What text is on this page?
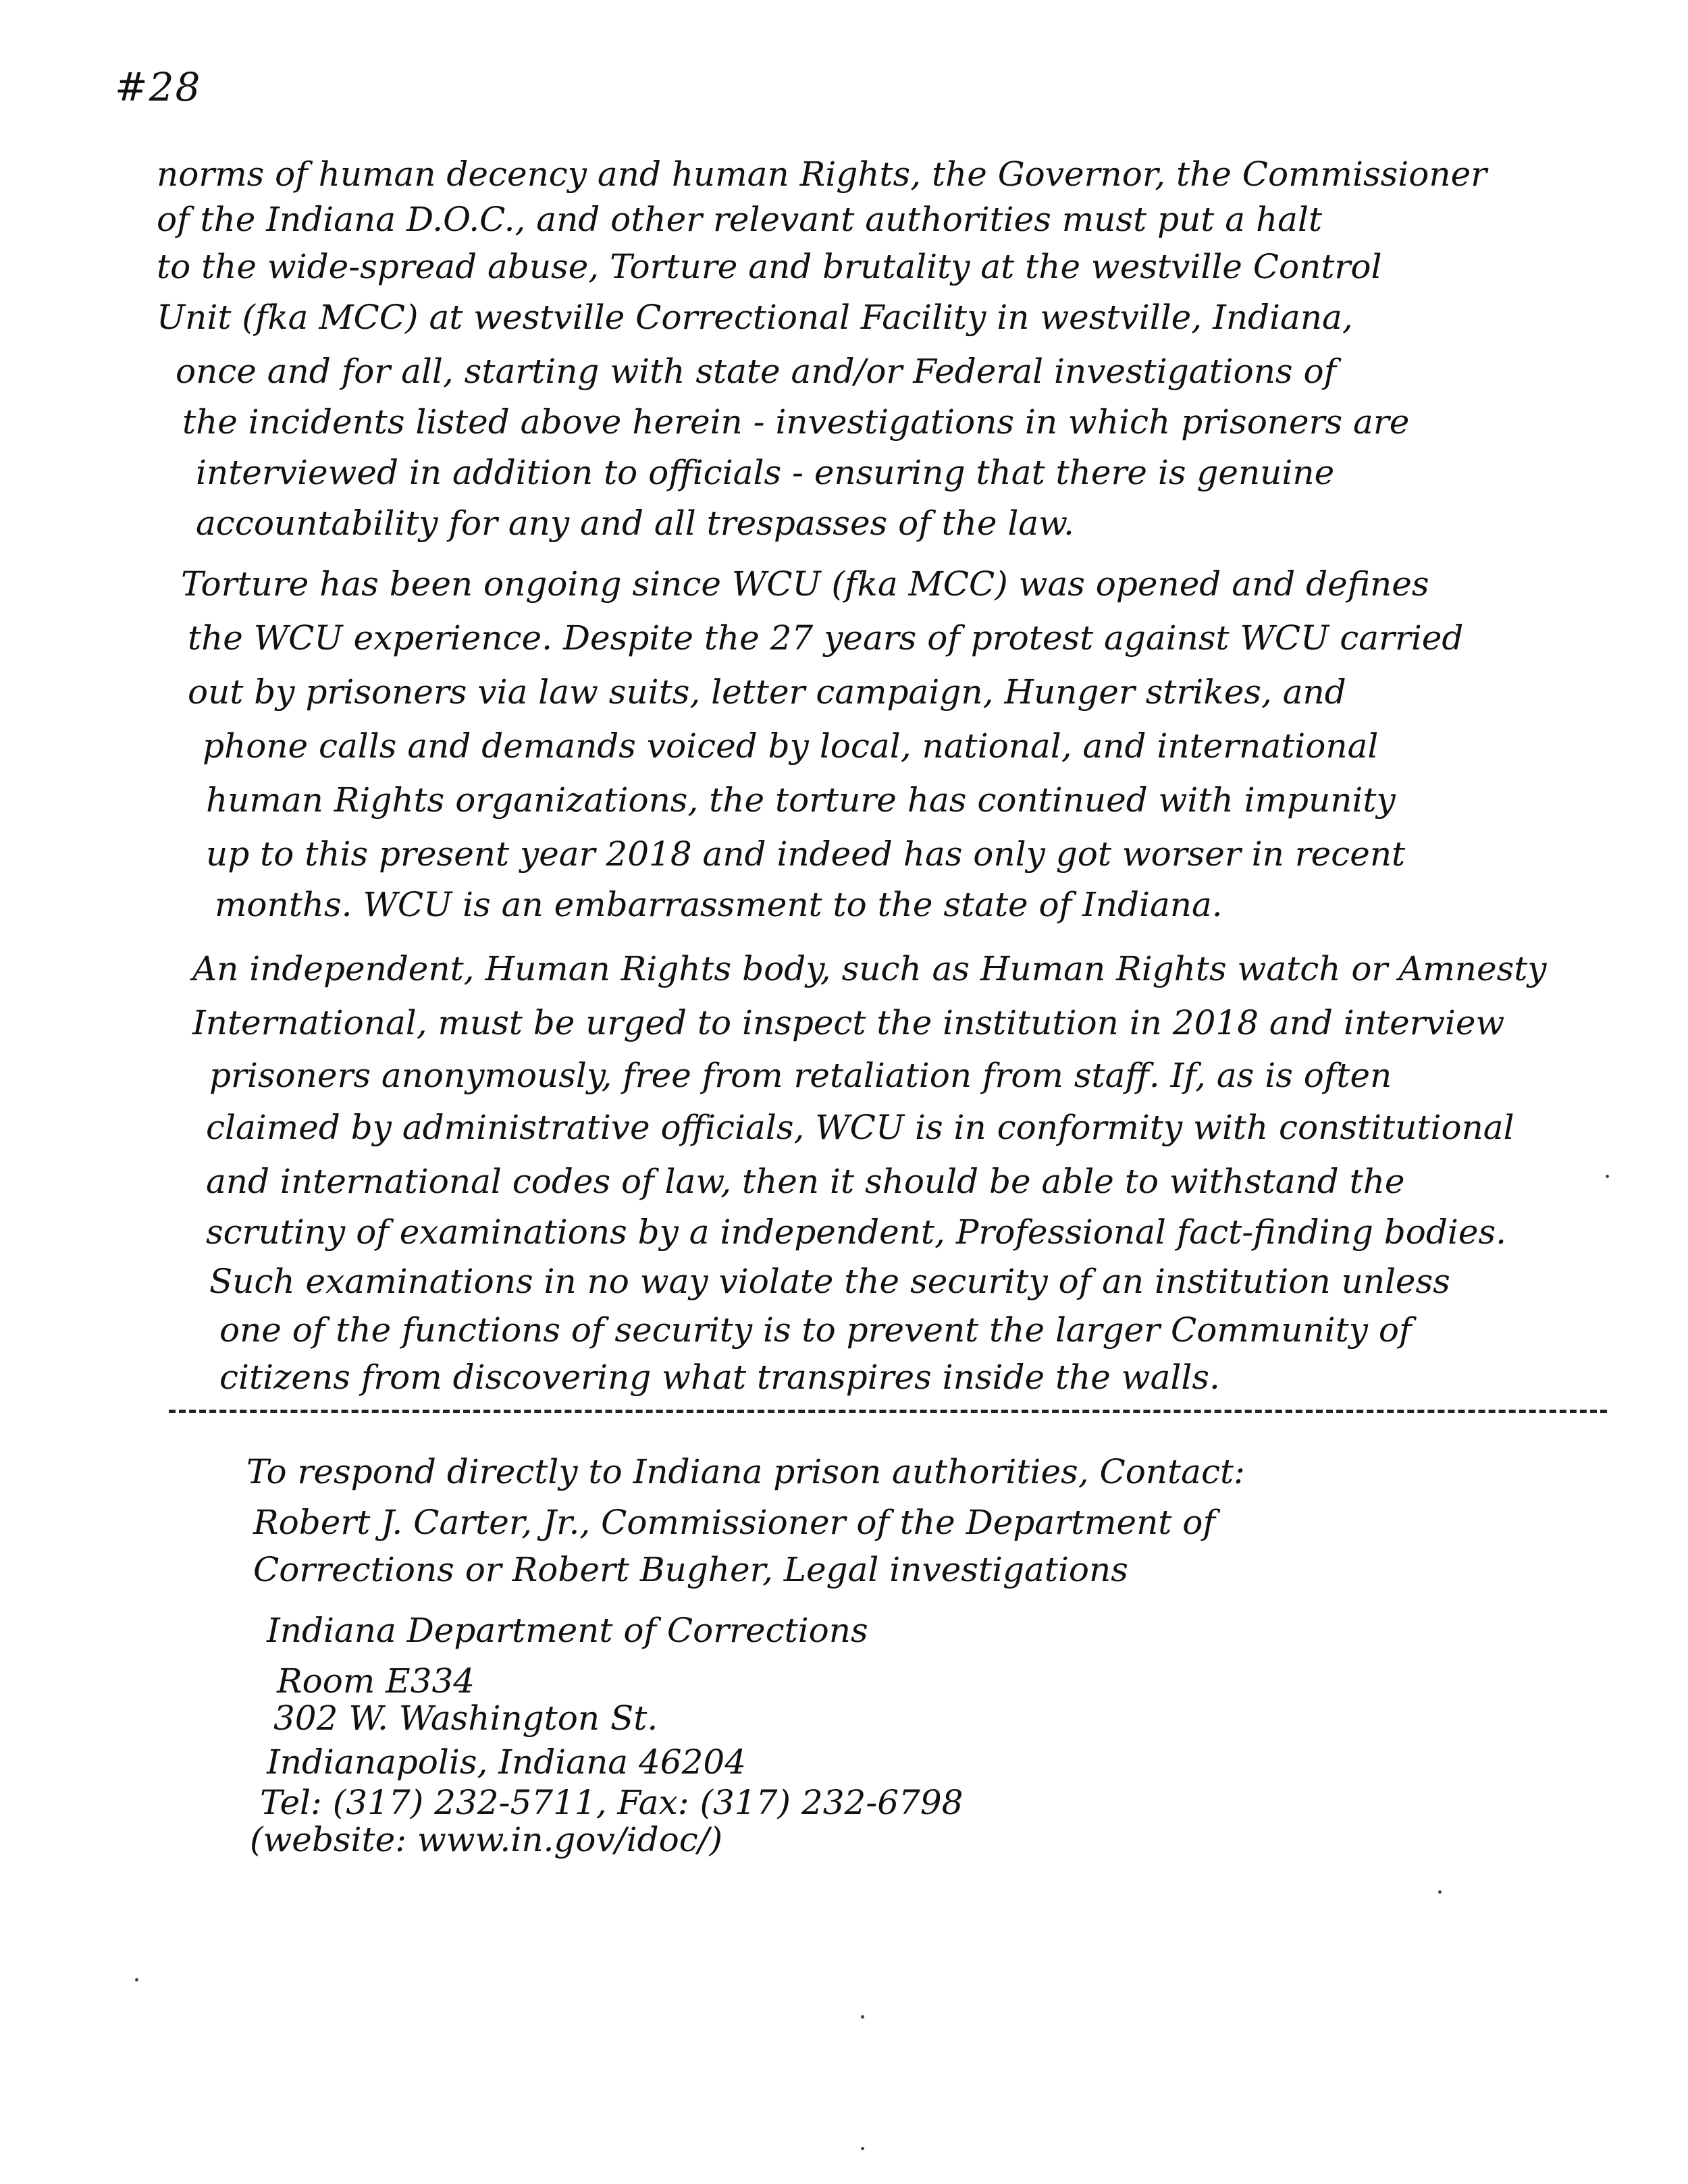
#28
norms of human decency and human Rights, the Governor, the Commissioner
of the Indiana D.O.C., and other relevant authorities must put a halt
to the wide-spread abuse, Torture and brutality at the westville Control
Unit (fka MCC) at westville Correctional Facility in westville, Indiana,
once and for all, starting with state and/or Federal investigations of
the incidents listed above herein - investigations in which prisoners are
interviewed in addition to officials - ensuring that there is genuine
accountability for any and all trespasses of the law.
Torture has been ongoing since WCU (fka MCC) was opened and defines
the WCU experience. Despite the 27 years of protest against WCU carried
out by prisoners via law suits, letter campaign, Hunger strikes, and
phone calls and demands voiced by local, national, and international
human Rights organizations, the torture has continued with impunity
up to this present year 2018 and indeed has only got worser in recent
months. WCU is an embarrassment to the state of Indiana.
An independent, Human Rights body, such as Human Rights watch or Amnesty
International, must be urged to inspect the institution in 2018 and interview
prisoners anonymously, free from retaliation from staff. If, as is often
claimed by administrative officials, WCU is in conformity with constitutional
and international codes of law, then it should be able to withstand the
scrutiny of examinations by a independent, Professional fact-finding bodies.
Such examinations in no way violate the security of an institution unless
one of the functions of security is to prevent the larger Community of
citizens from discovering what transpires inside the walls.
To respond directly to Indiana prison authorities, Contact:
Robert J. Carter, Jr., Commissioner of the Department of
Corrections or Robert Bugher, Legal investigations
Indiana Department of Corrections
Room E334
302 W. Washington St.
Indianapolis, Indiana 46204
Tel: (317) 232-5711, Fax: (317) 232-6798
(website: www.in.gov/idoc/)
